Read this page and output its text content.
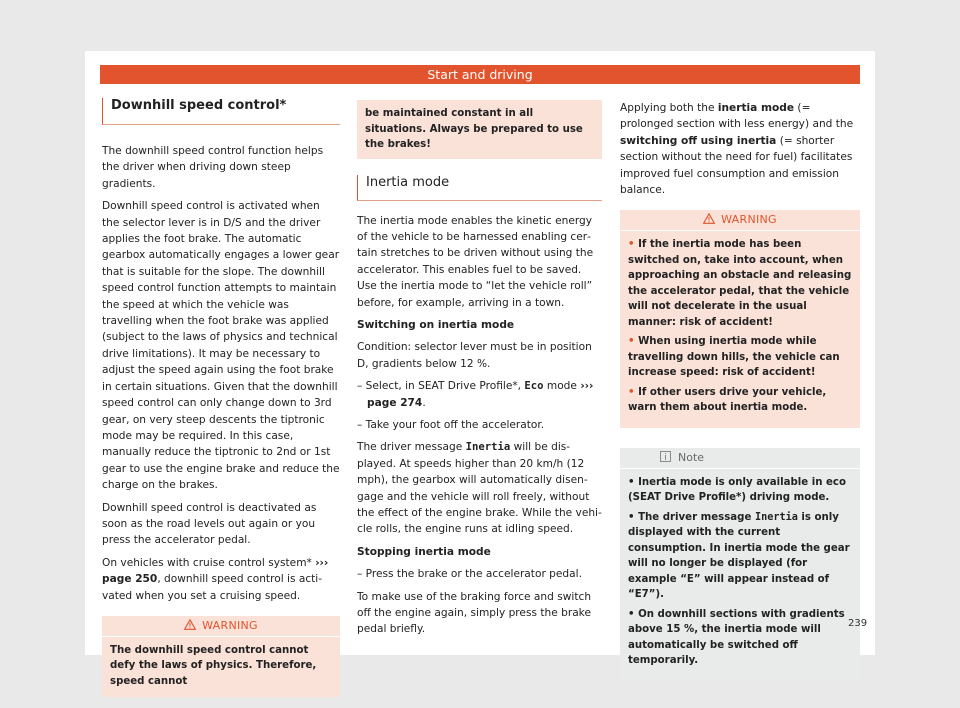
Start and driving
Downhill speed control*

The downhill speed control function helps the driver when driving down steep gradients.

Downhill speed control is activated when the selector lever is in D/S and the driver applies the foot brake. The automatic gearbox automatically engages a lower gear that is suitable for the slope. The downhill speed control function attempts to maintain the speed at which the vehicle was travelling when the foot brake was applied (subject to the laws of physics and technical drive limitations). It may be necessary to adjust the speed again using the foot brake in certain situations. Given that the downhill speed control can only change down to 3rd gear, on very steep descents the tiptronic mode may be required. In this case, manually reduce the tiptronic to 2nd or 1st gear to use the engine brake and reduce the charge on the brakes.

Downhill speed control is deactivated as soon as the road levels out again or you press the accelerator pedal.

On vehicles with cruise control system* ››› page 250, downhill speed control is activated when you set a cruising speed.

WARNING
The downhill speed control cannot defy the laws of physics. Therefore, speed cannot
be maintained constant in all situations. Always be prepared to use the brakes!
Inertia mode

The inertia mode enables the kinetic energy of the vehicle to be harnessed enabling certain stretches to be driven without using the accelerator. This enables fuel to be saved. Use the inertia mode to “let the vehicle roll” before, for example, arriving in a town.

Switching on inertia mode

Condition: selector lever must be in position D, gradients below 12 %.

– Select, in SEAT Drive Profile*, Eco mode ››› page 274.

– Take your foot off the accelerator.

The driver message Inertia will be displayed. At speeds higher than 20 km/h (12 mph), the gearbox will automatically disengage and the vehicle will roll freely, without the effect of the engine brake. While the vehicle rolls, the engine runs at idling speed.

Stopping inertia mode

– Press the brake or the accelerator pedal.

To make use of the braking force and switch off the engine again, simply press the brake pedal briefly.

Applying both the inertia mode (= prolonged section with less energy) and the switching off using inertia (= shorter section without the need for fuel) facilitates improved fuel consumption and emission balance.

WARNING

• If the inertia mode has been switched on, take into account, when approaching an obstacle and releasing the accelerator pedal, that the vehicle will not decelerate in the usual manner: risk of accident!

• When using inertia mode while travelling down hills, the vehicle can increase speed: risk of accident!

• If other users drive your vehicle, warn them about inertia mode.

Note

• Inertia mode is only available in eco (SEAT Drive Profile*) driving mode.

• The driver message Inertia is only displayed with the current consumption. In inertia mode the gear will no longer be displayed (for example “E” will appear instead of “E7”).

• On downhill sections with gradients above 15 %, the inertia mode will automatically be switched off temporarily.

239
